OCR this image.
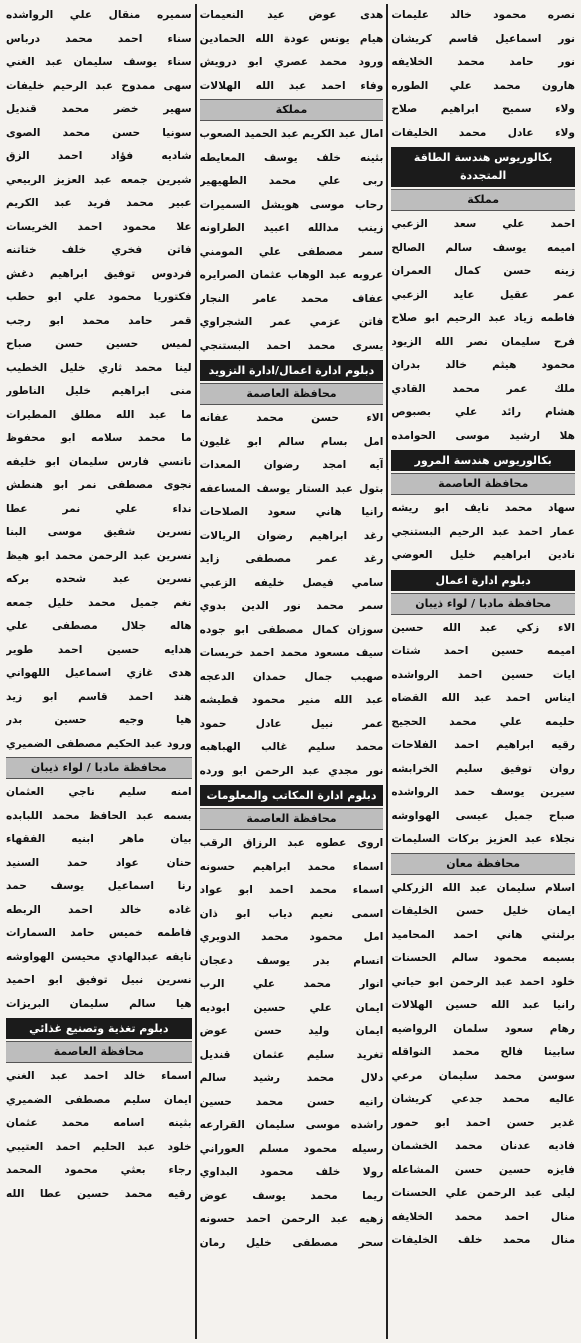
نصره محمود خالد عليمات
نور اسماعيل قاسم كريشان
نور حامد محمد الخلايفه
هارون محمد علي الطوره
ولاء سميح ابراهيم صلاح
ولاء عادل محمد الخليفات
بكالوريوس هندسة الطاقة المتجددة
مملكة
احمد علي سعد الزعبي
اميمه يوسف سالم الصالح
زينه حسن كمال العمران
عمر عقيل عايد الزعبي
فاطمه زياد عبد الرحيم ابو صلاح
فرح سليمان نصر الله الزيود
محمود هيثم خالد بدران
ملك عمر محمد القادي
هشام رائد علي بصبوص
هلا ارشيد موسى الحوامده
بكالوريوس هندسة المرور
محافظة العاصمة
سهاد محمد نايف ابو ريشه
عمار احمد عبد الرحيم البستنجي
نادين ابراهيم خليل العوضي
دبلوم ادارة اعمال
محافظة مادبا / لواء ذيبان
الاء زكي عبد الله حسين
اميمه حسين احمد شتات
ايات حسين احمد الرواشده
ايناس احمد عبد الله القضاه
حليمه علي محمد الحجيج
رقيه ابراهيم احمد الفلاحات
روان توفيق سليم الخرابشه
سيرين يوسف حمد الرواشده
صباح جميل عيسى الهواوشه
نجلاء عبد العزيز بركات السليمات
محافظة معان
اسلام سليمان عبد الله الزركلي
ايمان خليل حسن الخليفات
برلنتي هاني احمد المحاميد
بسيمه محمود سالم الحسنات
خلود احمد عبد الرحمن ابو حياني
رانيا عبد الله حسين الهلالات
رهام سعود سلمان الرواضيه
سابينا فالح محمد النواقله
سوسن محمد سليمان مرعي
عاليه محمد جدعي كريشان
غدير حسن احمد ابو حمور
فاديه عدنان محمد الخشمان
فايزه حسين حسن المشاعله
ليلى عبد الرحمن علي الحسنات
منال احمد محمد الخلايفه
منال محمد خلف الخليفات
هدى عوض عيد النعيمات
هيام يونس عودة الله الحمادين
ورود محمد عصري ابو درويش
وفاء احمد عبد الله الهلالات
مملكة
امال عبد الكريم عبد الحميد الصعوب
بثينه خلف يوسف المعايطه
ربى علي محمد الطهيهير
رحاب موسى هويشل السميرات
زينب مدالله اعبيد الطراونه
سمر مصطفى علي المومني
عروبه عبد الوهاب عثمان الصرايره
عفاف محمد عامر النجار
فاتن عزمي عمر الشجراوي
يسرى محمد احمد البستنجي
دبلوم ادارة اعمال/ادارة التزويد
محافظة العاصمة
الاء حسن محمد عفانه
امل بسام سالم ابو غليون
آيه امجد رضوان المعدات
بتول عبد الستار يوسف المساعفه
رانيا هاني سعود الصلاحات
رغد ابراهيم رضوان الريالات
رغد عمر مصطفى زايد
سامي فيصل خليفه الزعبي
سمر محمد نور الدين بدوي
سوزان كمال مصطفى ابو جوده
سيف مسعود محمد احمد خريسات
صهيب جمال حمدان الدعجه
عبد الله منير محمود قطيشه
عمر نبيل عادل حمود
محمد سليم غالب الهباهبه
نور مجدي عبد الرحمن ابو ورده
دبلوم ادارة المكاتب والمعلومات
محافظة العاصمة
اروى عطوه عبد الرزاق الرقب
اسماء محمد ابراهيم حسونه
اسماء محمد احمد ابو عواد
اسمى نعيم دياب ابو ذان
امل محمود محمد الدويري
انسام بدر يوسف دعجان
انوار محمد علي الرب
ايمان علي حسين ابوديه
ايمان وليد حسن عوض
تغريد سليم عثمان قنديل
دلال محمد رشيد سالم
رانيه حسن محمد حسين
راشده موسى سليمان القرارعه
رسيله محمود مسلم العوراني
رولا خلف محمود البداوي
ريما محمد يوسف عوض
زهيه عبد الرحمن احمد حسونه
سحر مصطفى خليل رمان
سميره منقال علي الرواشده
سناء احمد محمد درباس
سناء يوسف سليمان عبد الغني
سهى ممدوح عبد الرحيم خليفات
سهير خضر محمد قنديل
سونيا حسن محمد الصوى
شاديه فؤاد احمد الزق
شيرين جمعه عبد العزيز الربيعي
عبير محمد فريد عبد الكريم
علا محمود احمد الخريسات
فاتن فخري خلف ختاتنه
فردوس توفيق ابراهيم دغش
فكتوريا محمود علي ابو حطب
قمر حامد محمد ابو رجب
لميس حسين حسن صباح
لينا محمد ثاري خليل الخطيب
منى ابراهيم خليل الناطور
ما عبد الله مطلق المطيرات
ما محمد سلامه ابو محفوظ
نانسي فارس سليمان ابو خليفه
نجوى مصطفى نمر ابو هنطش
نداء علي نمر عطا
نسرين شفيق موسى البنا
نسرين عبد الرحمن محمد ابو هيظ
نسرين عبد شحده بركه
نغم جميل محمد خليل جمعه
هاله جلال مصطفى علي
هدايه حسين احمد طوير
هدى غازي اسماعيل اللهواني
هند احمد قاسم ابو زيد
هيا وجيه حسين بدر
ورود عبد الحكيم مصطفى الضميري
محافظة مادبا / لواء ذيبان
امنه سليم ناجي العثمان
بسمه عبد الحافظ محمد اللبابده
بيان ماهر ابنيه الفقهاء
حنان عواد حمد السنيد
رنا اسماعيل يوسف حمد
غاده خالد احمد الربطه
فاطمه خميس حامد السمارات
نايفه عبدالهادي محيسن الهواوشه
نسرين نبيل توفيق ابو احميد
هيا سالم سليمان البريزات
دبلوم تغذية وتصنيع غذائي
محافظة العاصمة
اسماء خالد احمد عبد الغني
ايمان سليم مصطفى الضميري
بثينه اسامه محمد عثمان
خلود عبد الحليم احمد العتيبي
رجاء بعثي محمود المحمد
رقيه محمد حسين عطا الله
